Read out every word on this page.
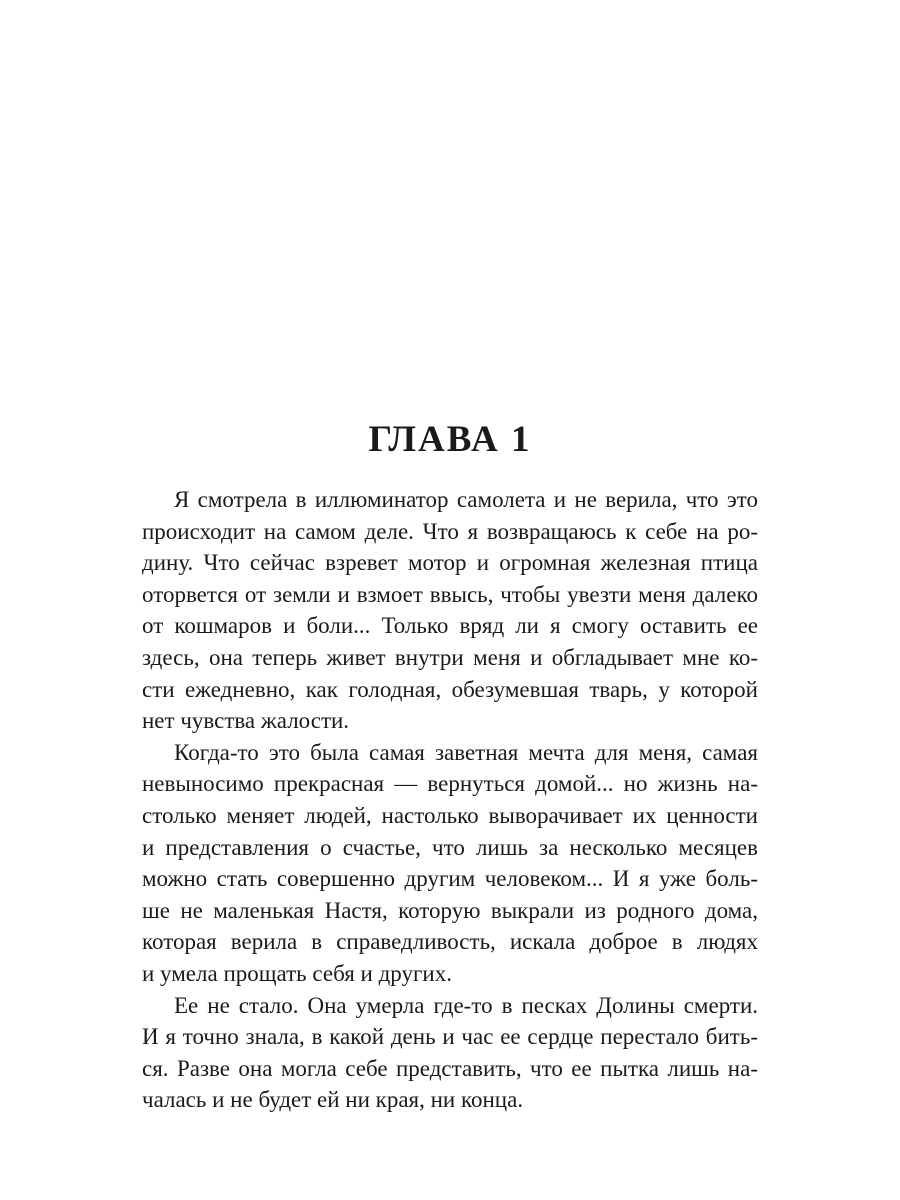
ГЛАВА 1
Я смотрела в иллюминатор самолета и не верила, что это
происходит на самом деле. Что я возвращаюсь к себе на ро-
дину. Что сейчас взревет мотор и огромная железная птица
оторвется от земли и взмоет ввысь, чтобы увезти меня далеко
от кошмаров и боли... Только вряд ли я смогу оставить ее
здесь, она теперь живет внутри меня и обгладывает мне ко-
сти ежедневно, как голодная, обезумевшая тварь, у которой
нет чувства жалости.
Когда-то это была самая заветная мечта для меня, самая
невыносимо прекрасная — вернуться домой... но жизнь на-
столько меняет людей, настолько выворачивает их ценности
и представления о счастье, что лишь за несколько месяцев
можно стать совершенно другим человеком... И я уже боль-
ше не маленькая Настя, которую выкрали из родного дома,
которая верила в справедливость, искала доброе в людях
и умела прощать себя и других.
Ее не стало. Она умерла где-то в песках Долины смерти.
И я точно знала, в какой день и час ее сердце перестало бить-
ся. Разве она могла себе представить, что ее пытка лишь на-
чалась и не будет ей ни края, ни конца.
